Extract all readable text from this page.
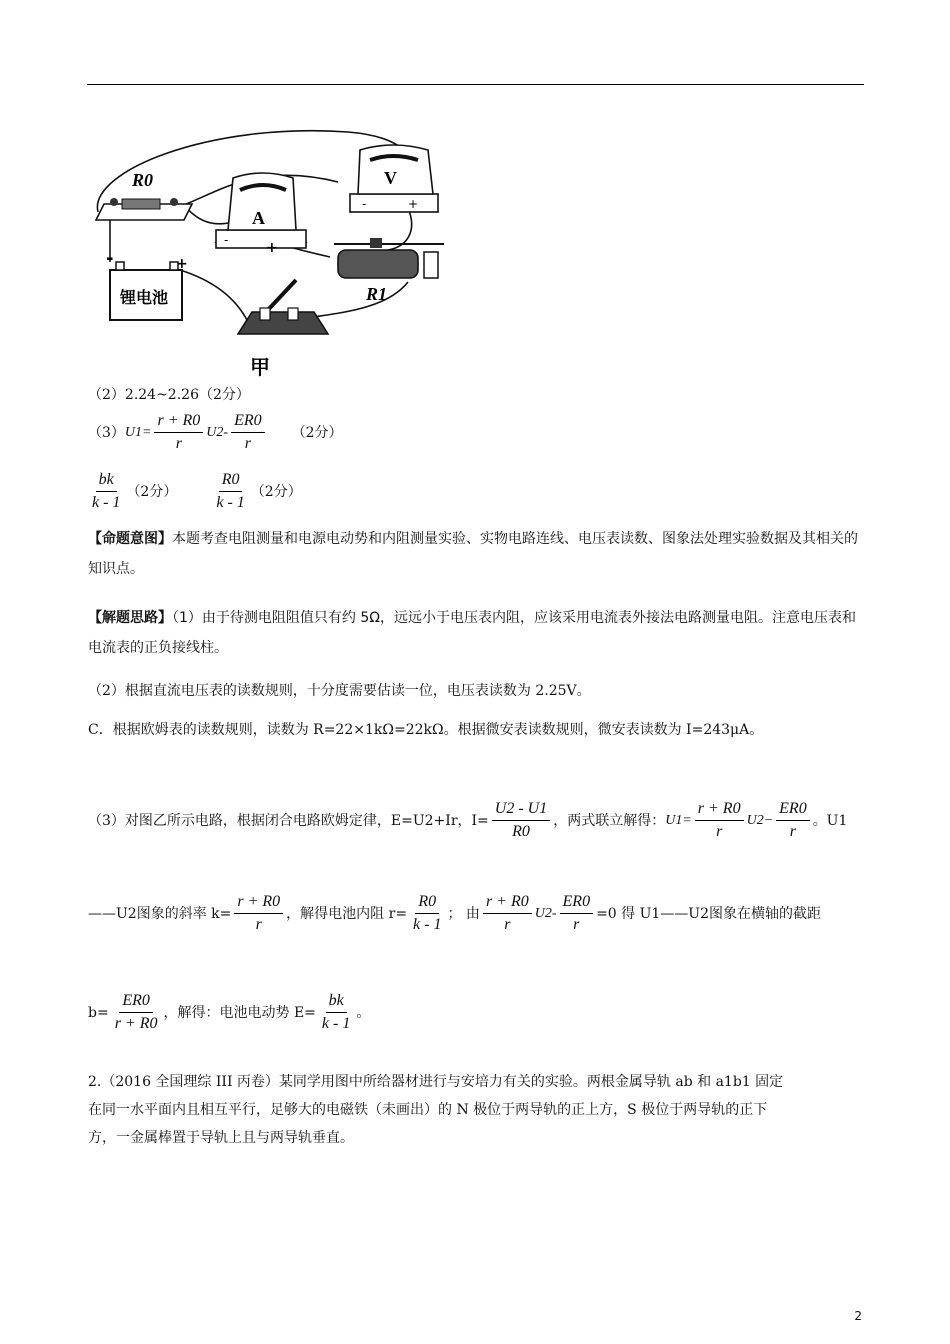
R0
-	+
锂电池
A
-	+
V
-	+
R1
甲
（2）2.24~2.26（2分）
（3） $U1= \frac{r + R0}{r} U2- \frac{ER0}{r} (2$分）
$\frac{bk}{k - 1} (2$分） $\frac{R0}{k - 1} (2$分）
【命题意图】本题考查电阻测量和电源电动势和内阻测量实验、实物电路连线、电压表读数、图象法处理实验数据及其相关的知识点。
【解题思路】（1）由于待测电阻阻值只有约 5Ω，远远小于电压表内阻，应该采用电流表外接法电路测量电阻。注意电压表和电流表的正负接线柱。
（2）根据直流电压表的读数规则，十分度需要估读一位，电压表读数为 2.25V。
C．根据欧姆表的读数规则，读数为 R=22×1kΩ=22kΩ。根据微安表读数规则，微安表读数为 I=243μA。
（3）对图乙所示电路，根据闭合电路欧姆定律，E=U2+Ir，$I= \frac{U2 - U1}{R0}$ ，两式联立解得： $U1= \frac{r + R0}{r} U2- \frac{ER0}{r}$ 。U1
——U2图象的斜率 $k= \frac{r + R0}{r}$ ，解得电池内阻 $r= \frac{R0}{k - 1}$ ； 由 $\frac{r + R0}{r} U2- \frac{ER0}{r} =0$ 得 U1——U2图象在横轴的截距
$b= \frac{ER0}{r + R0}$ ，解得：电池电动势 $E= \frac{bk}{k - 1}$ 。
2.（2016 全国理综 III 丙卷）某同学用图中所给器材进行与安培力有关的实验。两根金属导轨 ab 和 a1b1 固定
在同一水平面内且相互平行，足够大的电磁铁（未画出）的 N 极位于两导轨的正上方，S 极位于两导轨的正下
方，一金属棒置于导轨上且与两导轨垂直。
2
